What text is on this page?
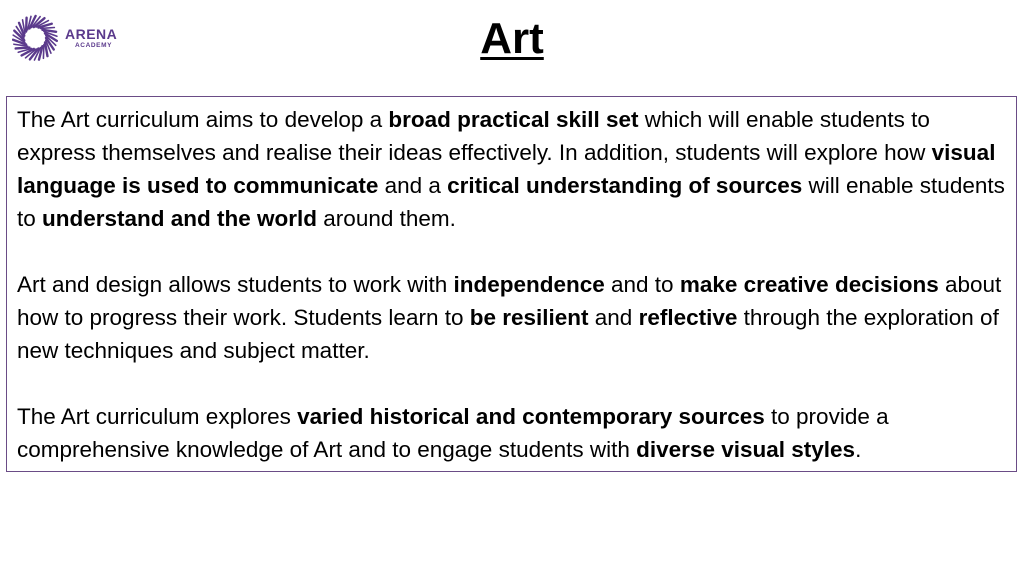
ARENA
ACADEMY	Art

The Art curriculum aims to develop a broad practical skill set which will enable students to express themselves and realise their ideas effectively. In addition, students will explore how visual language is used to communicate and a critical understanding of sources will enable students to understand and the world around them.

Art and design allows students to work with independence and to make creative decisions about how to progress their work. Students learn to be resilient and reflective through the exploration of new techniques and subject matter.

The Art curriculum explores varied historical and contemporary sources to provide a comprehensive knowledge of Art and to engage students with diverse visual styles.
